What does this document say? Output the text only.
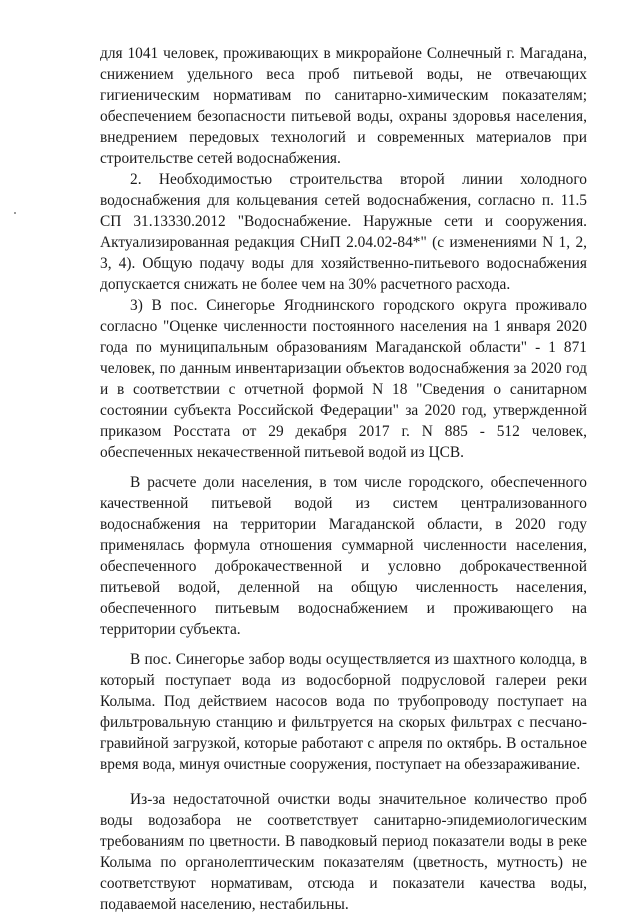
для 1041 человек, проживающих в микрорайоне Солнечный г. Магадана, снижением удельного веса проб питьевой воды, не отвечающих гигиеническим нормативам по санитарно-химическим показателям; обеспечением безопасности питьевой воды, охраны здоровья населения, внедрением передовых технологий и современных материалов при строительстве сетей водоснабжения.

2. Необходимостью строительства второй линии холодного водоснабжения для кольцевания сетей водоснабжения, согласно п. 11.5 СП 31.13330.2012 "Водоснабжение. Наружные сети и сооружения. Актуализированная редакция СНиП 2.04.02-84*" (с изменениями N 1, 2, 3, 4). Общую подачу воды для хозяйственно-питьевого водоснабжения допускается снижать не более чем на 30% расчетного расхода.

3) В пос. Синегорье Ягоднинского городского округа проживало согласно "Оценке численности постоянного населения на 1 января 2020 года по муниципальным образованиям Магаданской области" - 1 871 человек, по данным инвентаризации объектов водоснабжения за 2020 год и в соответствии с отчетной формой N 18 "Сведения о санитарном состоянии субъекта Российской Федерации" за 2020 год, утвержденной приказом Росстата от 29 декабря 2017 г. N 885 - 512 человек, обеспеченных некачественной питьевой водой из ЦСВ.

В расчете доли населения, в том числе городского, обеспеченного качественной питьевой водой из систем централизованного водоснабжения на территории Магаданской области, в 2020 году применялась формула отношения суммарной численности населения, обеспеченного доброкачественной и условно доброкачественной питьевой водой, деленной на общую численность населения, обеспеченного питьевым водоснабжением и проживающего на территории субъекта.

В пос. Синегорье забор воды осуществляется из шахтного колодца, в который поступает вода из водосборной подрусловой галереи реки Колыма. Под действием насосов вода по трубопроводу поступает на фильтровальную станцию и фильтруется на скорых фильтрах с песчано-гравийной загрузкой, которые работают с апреля по октябрь. В остальное время вода, минуя очистные сооружения, поступает на обеззараживание.

Из-за недостаточной очистки воды значительное количество проб воды водозабора не соответствует санитарно-эпидемиологическим требованиям по цветности. В паводковый период показатели воды в реке Колыма по органолептическим показателям (цветность, мутность) не соответствуют нормативам, отсюда и показатели качества воды, подаваемой населению, нестабильны.
